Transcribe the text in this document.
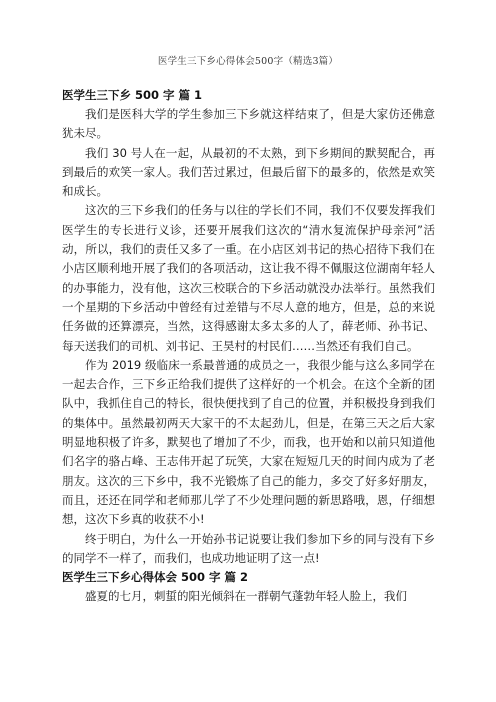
医学生三下乡心得体会500字（精选3篇）

医学生三下乡 500 字 篇 1

我们是医科大学的学生参加三下乡就这样结束了，但是大家仿还佛意犹未尽。

我们 30 号人在一起，从最初的不太熟，到下乡期间的默契配合，再到最后的欢笑一家人。我们苦过累过，但最后留下的最多的，依然是欢笑和成长。

这次的三下乡我们的任务与以往的学长们不同，我们不仅要发挥我们医学生的专长进行义诊，还要开展我们这次的“清水复流保护母亲河”活动，所以，我们的责任又多了一重。在小店区刘书记的热心招待下我们在小店区顺利地开展了我们的各项活动，这让我不得不佩服这位湖南年轻人的办事能力，没有他，这次三校联合的下乡活动就没办法举行。虽然我们一个星期的下乡活动中曾经有过差错与不尽人意的地方，但是，总的来说任务做的还算漂亮，当然，这得感谢太多太多的人了，薛老师、孙书记、每天送我们的司机、刘书记、王昊村的村民们……当然还有我们自己。

作为 2019 级临床一系最普通的成员之一，我很少能与这么多同学在一起去合作，三下乡正给我们提供了这样好的一个机会。在这个全新的团队中，我抓住自己的特长，很快便找到了自己的位置，并积极投身到我们的集体中。虽然最初两天大家干的不太起劲儿，但是，在第三天之后大家明显地积极了许多，默契也了增加了不少，而我，也开始和以前只知道他们名字的骆占峰、王志伟开起了玩笑，大家在短短几天的时间内成为了老朋友。这次的三下乡中，我不光锻炼了自己的能力，多交了好多好朋友，而且，还还在同学和老师那儿学了不少处理问题的新思路哦，恩，仔细想想，这次下乡真的收获不小!

终于明白，为什么一开始孙书记说要让我们参加下乡的同与没有下乡的同学不一样了，而我们，也成功地证明了这一点!

医学生三下乡心得体会 500 字 篇 2

盛夏的七月，刺蜇的阳光倾斜在一群朝气蓬勃年轻人脸上，我们
